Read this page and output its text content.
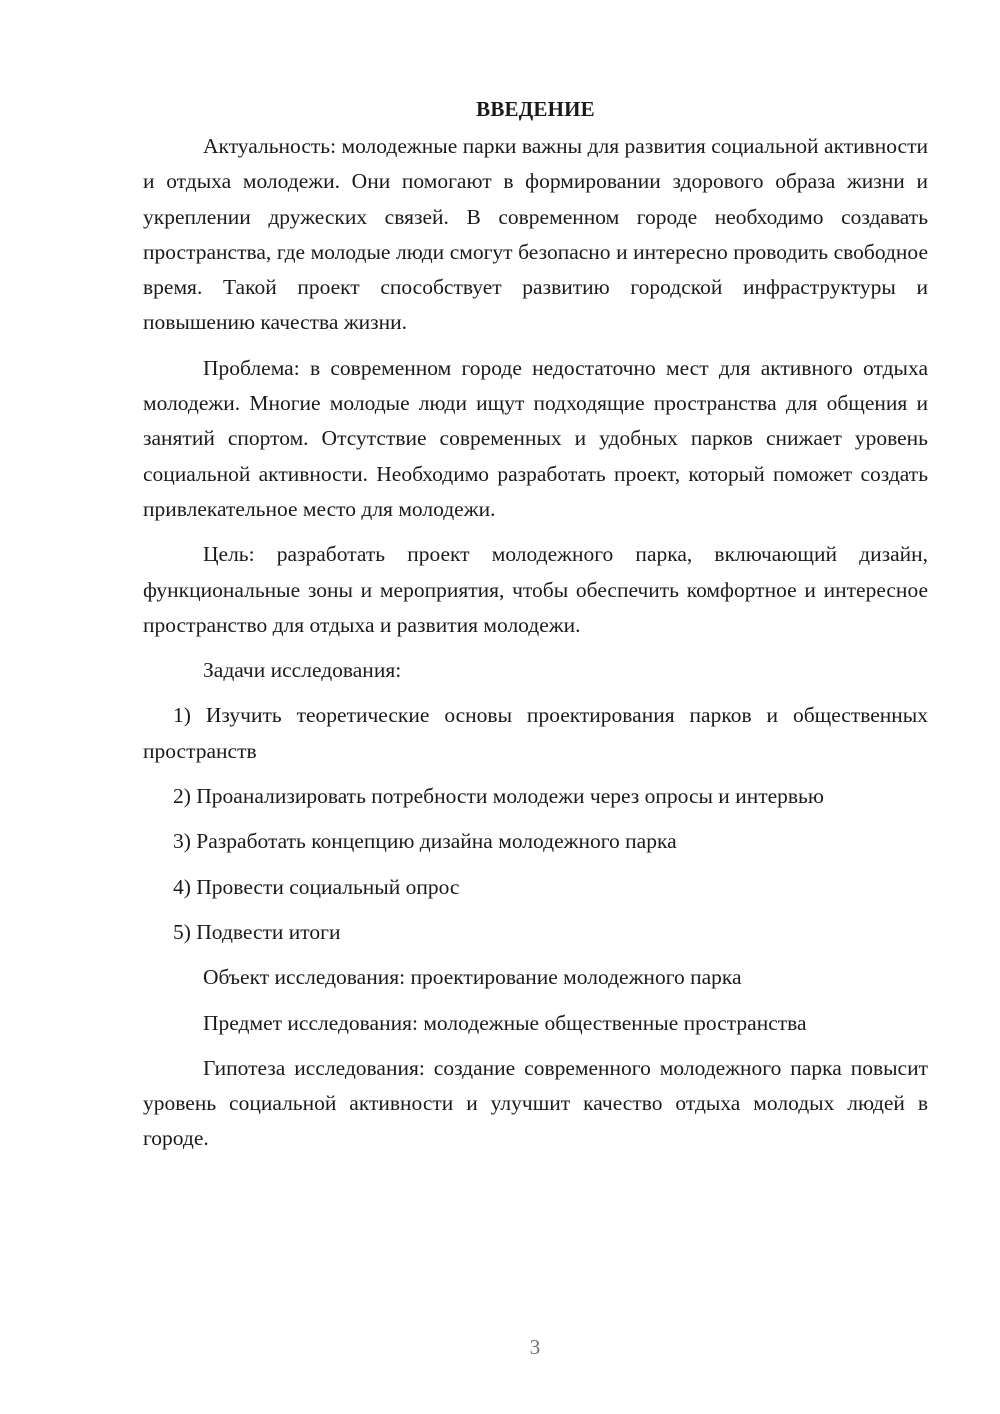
ВВЕДЕНИЕ

Актуальность: молодежные парки важны для развития социальной активности и отдыха молодежи. Они помогают в формировании здорового образа жизни и укреплении дружеских связей. В современном городе необходимо создавать пространства, где молодые люди смогут безопасно и интересно проводить свободное время. Такой проект способствует развитию городской инфраструктуры и повышению качества жизни.

Проблема: в современном городе недостаточно мест для активного отдыха молодежи. Многие молодые люди ищут подходящие пространства для общения и занятий спортом. Отсутствие современных и удобных парков снижает уровень социальной активности. Необходимо разработать проект, который поможет создать привлекательное место для молодежи.

Цель: разработать проект молодежного парка, включающий дизайн, функциональные зоны и мероприятия, чтобы обеспечить комфортное и интересное пространство для отдыха и развития молодежи.

Задачи исследования:

1) Изучить теоретические основы проектирования парков и общественных пространств

2) Проанализировать потребности молодежи через опросы и интервью

3) Разработать концепцию дизайна молодежного парка

4) Провести социальный опрос

5) Подвести итоги

Объект исследования: проектирование молодежного парка

Предмет исследования: молодежные общественные пространства

Гипотеза исследования: создание современного молодежного парка повысит уровень социальной активности и улучшит качество отдыха молодых людей в городе.

3
